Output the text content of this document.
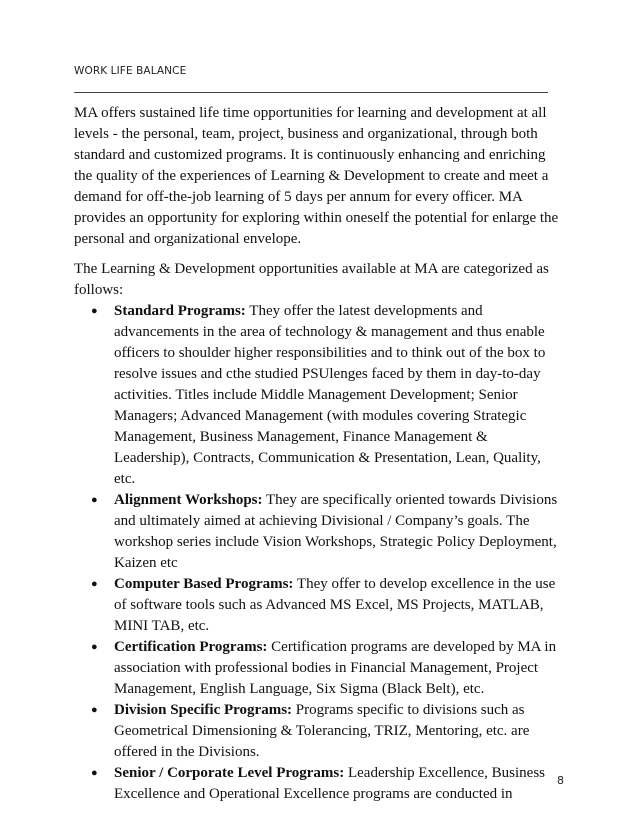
WORK LIFE BALANCE

MA offers sustained life time opportunities for learning and development at all levels - the personal, team, project, business and organizational, through both standard and customized programs. It is continuously enhancing and enriching the quality of the experiences of Learning & Development to create and meet a demand for off-the-job learning of 5 days per annum for every officer. MA provides an opportunity for exploring within oneself the potential for enlarge the personal and organizational envelope.

The Learning & Development opportunities available at MA are categorized as follows:

● Standard Programs: They offer the latest developments and advancements in the area of technology & management and thus enable officers to shoulder higher responsibilities and to think out of the box to resolve issues and cthe studied PSUlenges faced by them in day-to-day activities. Titles include Middle Management Development; Senior Managers; Advanced Management (with modules covering Strategic Management, Business Management, Finance Management & Leadership), Contracts, Communication & Presentation, Lean, Quality, etc.
● Alignment Workshops: They are specifically oriented towards Divisions and ultimately aimed at achieving Divisional / Company’s goals. The workshop series include Vision Workshops, Strategic Policy Deployment, Kaizen etc
● Computer Based Programs: They offer to develop excellence in the use of software tools such as Advanced MS Excel, MS Projects, MATLAB, MINI TAB, etc.
● Certification Programs: Certification programs are developed by MA in association with professional bodies in Financial Management, Project Management, English Language, Six Sigma (Black Belt), etc.
● Division Specific Programs: Programs specific to divisions such as Geometrical Dimensioning & Tolerancing, TRIZ, Mentoring, etc. are offered in the Divisions.
● Senior / Corporate Level Programs: Leadership Excellence, Business Excellence and Operational Excellence programs are conducted in
8
